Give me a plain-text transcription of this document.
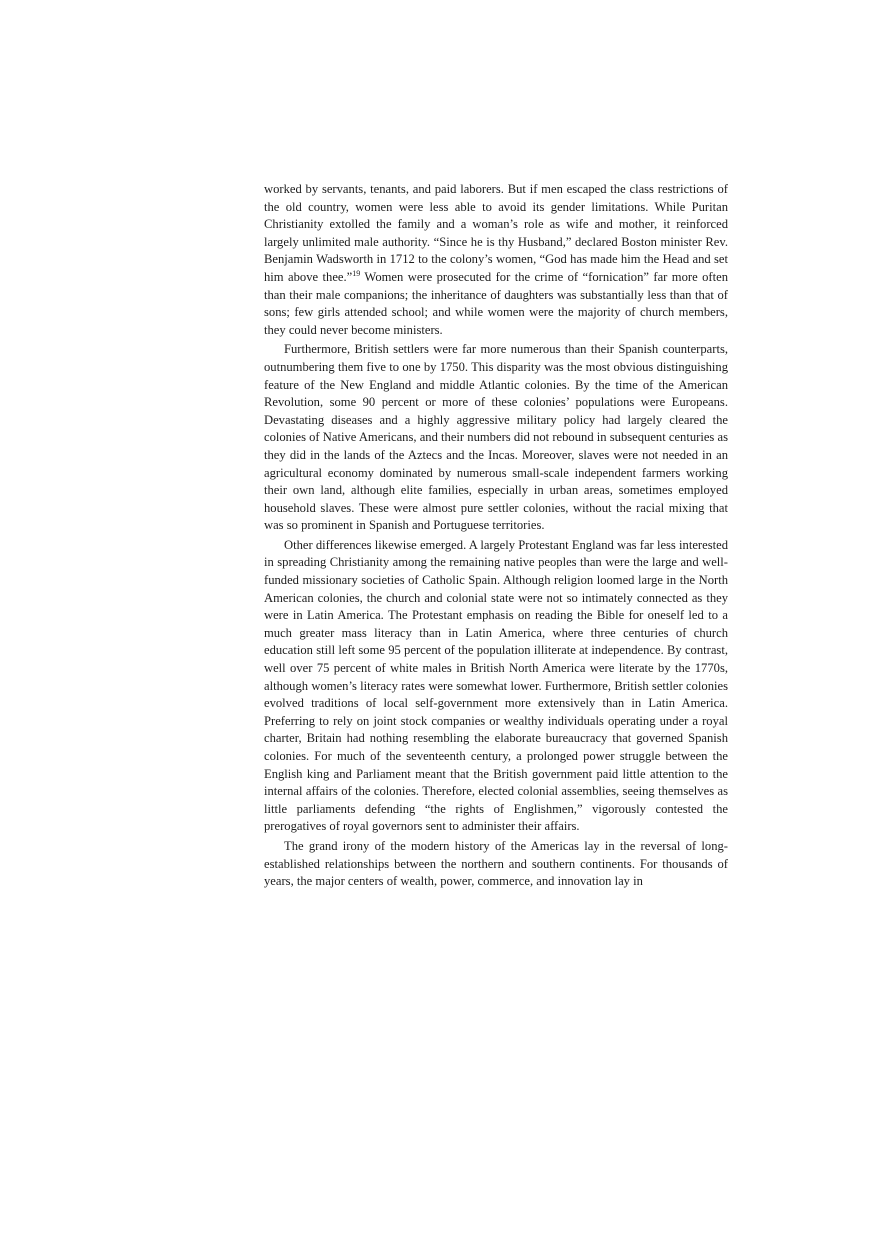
worked by servants, tenants, and paid laborers. But if men escaped the class restrictions of the old country, women were less able to avoid its gender limitations. While Puritan Christianity extolled the family and a woman’s role as wife and mother, it reinforced largely unlimited male authority. “Since he is thy Husband,” declared Boston minister Rev. Benjamin Wadsworth in 1712 to the colony’s women, “God has made him the Head and set him above thee.”$^{19}$ Women were prosecuted for the crime of “fornication” far more often than their male companions; the inheritance of daughters was substantially less than that of sons; few girls attended school; and while women were the majority of church members, they could never become ministers.

Furthermore, British settlers were far more numerous than their Spanish counterparts, outnumbering them five to one by 1750. This disparity was the most obvious distinguishing feature of the New England and middle Atlantic colonies. By the time of the American Revolution, some 90 percent or more of these colonies’ populations were Europeans. Devastating diseases and a highly aggressive military policy had largely cleared the colonies of Native Americans, and their numbers did not rebound in subsequent centuries as they did in the lands of the Aztecs and the Incas. Moreover, slaves were not needed in an agricultural economy dominated by numerous small-scale independent farmers working their own land, although elite families, especially in urban areas, sometimes employed household slaves. These were almost pure settler colonies, without the racial mixing that was so prominent in Spanish and Portuguese territories.

Other differences likewise emerged. A largely Protestant England was far less interested in spreading Christianity among the remaining native peoples than were the large and well-funded missionary societies of Catholic Spain. Although religion loomed large in the North American colonies, the church and colonial state were not so intimately connected as they were in Latin America. The Protestant emphasis on reading the Bible for oneself led to a much greater mass literacy than in Latin America, where three centuries of church education still left some 95 percent of the population illiterate at independence. By contrast, well over 75 percent of white males in British North America were literate by the 1770s, although women’s literacy rates were somewhat lower. Furthermore, British settler colonies evolved traditions of local self-government more extensively than in Latin America. Preferring to rely on joint stock companies or wealthy individuals operating under a royal charter, Britain had nothing resembling the elaborate bureaucracy that governed Spanish colonies. For much of the seventeenth century, a prolonged power struggle between the English king and Parliament meant that the British government paid little attention to the internal affairs of the colonies. Therefore, elected colonial assemblies, seeing themselves as little parliaments defending “the rights of Englishmen,” vigorously contested the prerogatives of royal governors sent to administer their affairs.

The grand irony of the modern history of the Americas lay in the reversal of long-established relationships between the northern and southern continents. For thousands of years, the major centers of wealth, power, commerce, and innovation lay in
